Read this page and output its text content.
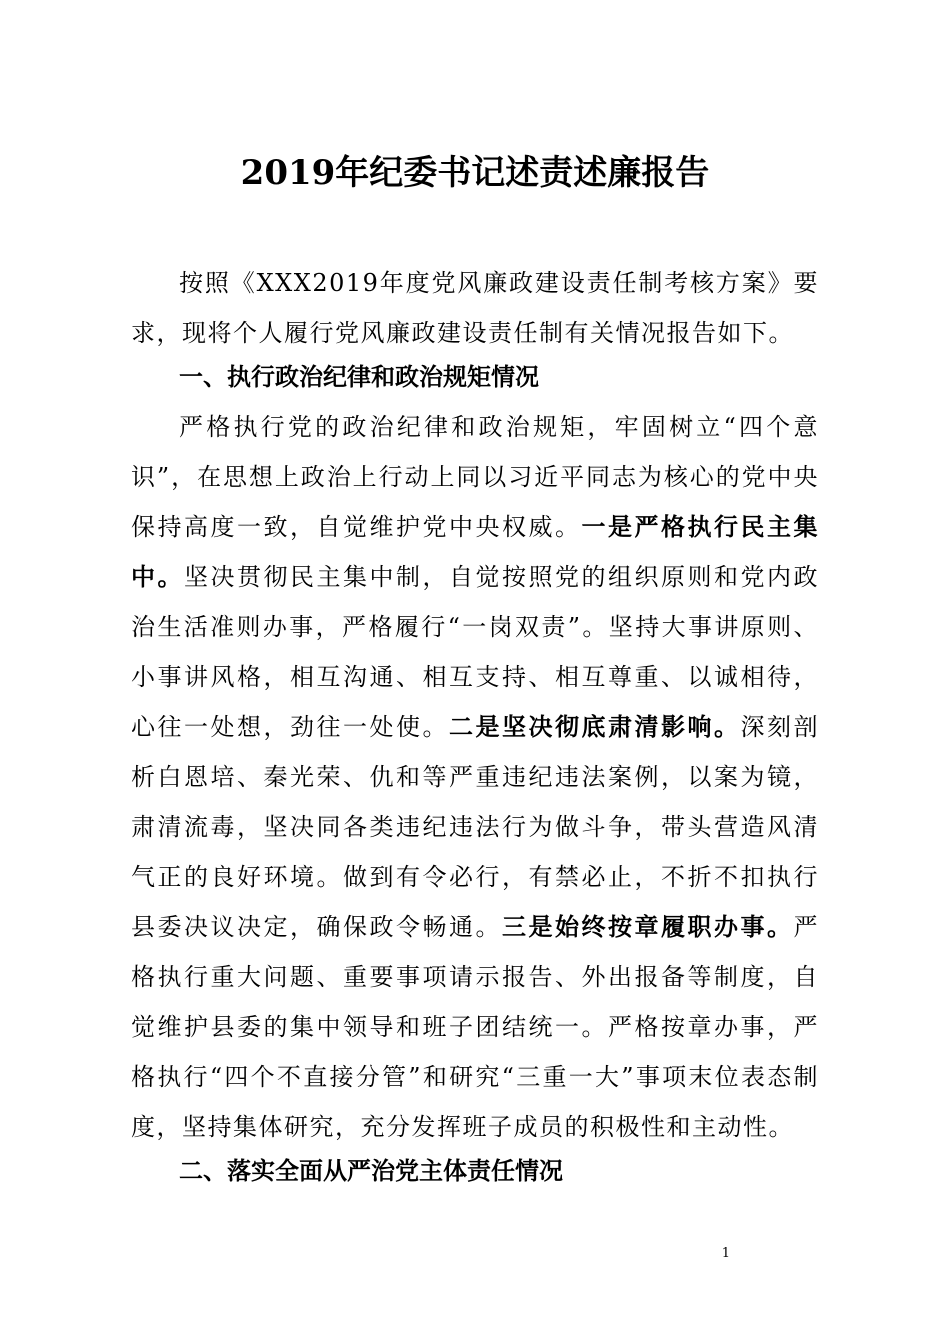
2019年纪委书记述责述廉报告

按照《XXX2019年度党风廉政建设责任制考核方案》要求，现将个人履行党风廉政建设责任制有关情况报告如下。

一、执行政治纪律和政治规矩情况

严格执行党的政治纪律和政治规矩，牢固树立“四个意识”，在思想上政治上行动上同以习近平同志为核心的党中央保持高度一致，自觉维护党中央权威。一是严格执行民主集中。坚决贯彻民主集中制，自觉按照党的组织原则和党内政治生活准则办事，严格履行“一岗双责”。坚持大事讲原则、小事讲风格，相互沟通、相互支持、相互尊重、以诚相待，心往一处想，劲往一处使。二是坚决彻底肃清影响。深刻剖析白恩培、秦光荣、仇和等严重违纪违法案例，以案为镜，肃清流毒，坚决同各类违纪违法行为做斗争，带头营造风清气正的良好环境。做到有令必行，有禁必止，不折不扣执行县委决议决定，确保政令畅通。三是始终按章履职办事。严格执行重大问题、重要事项请示报告、外出报备等制度，自觉维护县委的集中领导和班子团结统一。严格按章办事，严格执行“四个不直接分管”和研究“三重一大”事项末位表态制度，坚持集体研究，充分发挥班子成员的积极性和主动性。

二、落实全面从严治党主体责任情况

1
